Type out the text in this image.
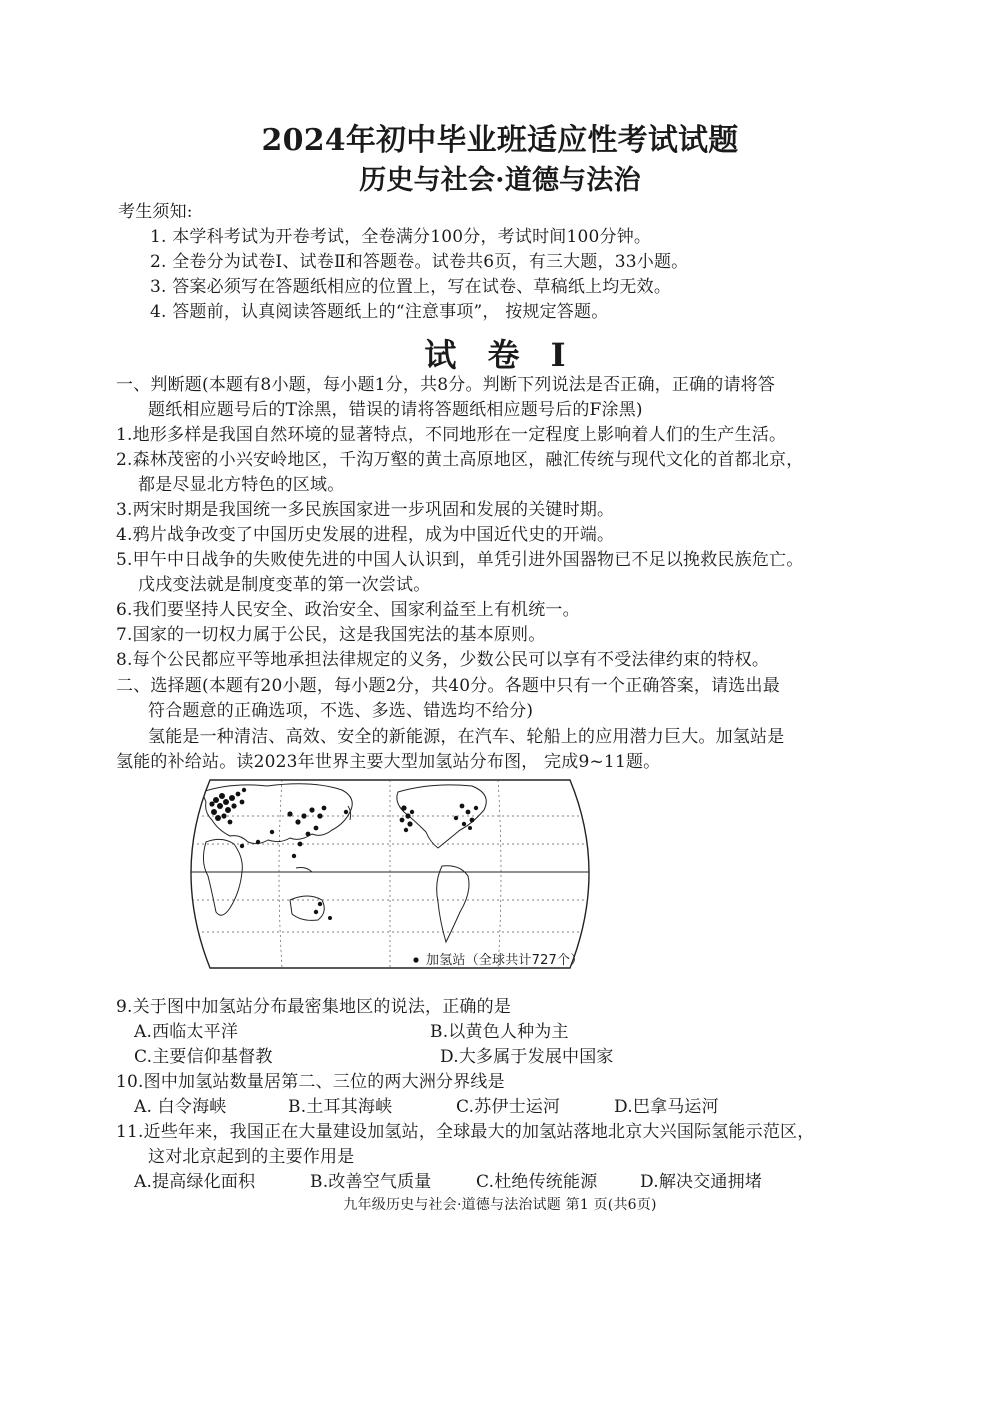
2024年初中毕业班适应性考试试题
历史与社会·道德与法治
考生须知:
1. 本学科考试为开卷考试，全卷满分100分，考试时间100分钟。
2. 全卷分为试卷Ⅰ、试卷Ⅱ和答题卷。试卷共6页，有三大题，33小题。
3. 答案必须写在答题纸相应的位置上，写在试卷、草稿纸上均无效。
4. 答题前，认真阅读答题纸上的“注意事项”， 按规定答题。
试 卷 I
一、判断题(本题有8小题，每小题1分，共8分。判断下列说法是否正确，正确的请将答
题纸相应题号后的T涂黑，错误的请将答题纸相应题号后的F涂黑)
1.地形多样是我国自然环境的显著特点，不同地形在一定程度上影响着人们的生产生活。
2.森林茂密的小兴安岭地区，千沟万壑的黄土高原地区，融汇传统与现代文化的首都北京，
都是尽显北方特色的区域。
3.两宋时期是我国统一多民族国家进一步巩固和发展的关键时期。
4.鸦片战争改变了中国历史发展的进程，成为中国近代史的开端。
5.甲午中日战争的失败使先进的中国人认识到，单凭引进外国器物已不足以挽救民族危亡。
戊戌变法就是制度变革的第一次尝试。
6.我们要坚持人民安全、政治安全、国家利益至上有机统一。
7.国家的一切权力属于公民，这是我国宪法的基本原则。
8.每个公民都应平等地承担法律规定的义务，少数公民可以享有不受法律约束的特权。
二、选择题(本题有20小题，每小题2分，共40分。各题中只有一个正确答案，请选出最
符合题意的正确选项，不选、多选、错选均不给分)
氢能是一种清洁、高效、安全的新能源，在汽车、轮船上的应用潜力巨大。加氢站是
氢能的补给站。读2023年世界主要大型加氢站分布图， 完成9~11题。
加氢站（全球共计727个）
9.关于图中加氢站分布最密集地区的说法，正确的是
A.西临太平洋	B.以黄色人种为主
C.主要信仰基督教	D.大多属于发展中国家
10.图中加氢站数量居第二、三位的两大洲分界线是
A. 白令海峡	B.土耳其海峡	C.苏伊士运河	D.巴拿马运河
11.近些年来，我国正在大量建设加氢站，全球最大的加氢站落地北京大兴国际氢能示范区，
这对北京起到的主要作用是
A.提高绿化面积	B.改善空气质量	C.杜绝传统能源	D.解决交通拥堵
九年级历史与社会·道德与法治试题 第1 页(共6页)
